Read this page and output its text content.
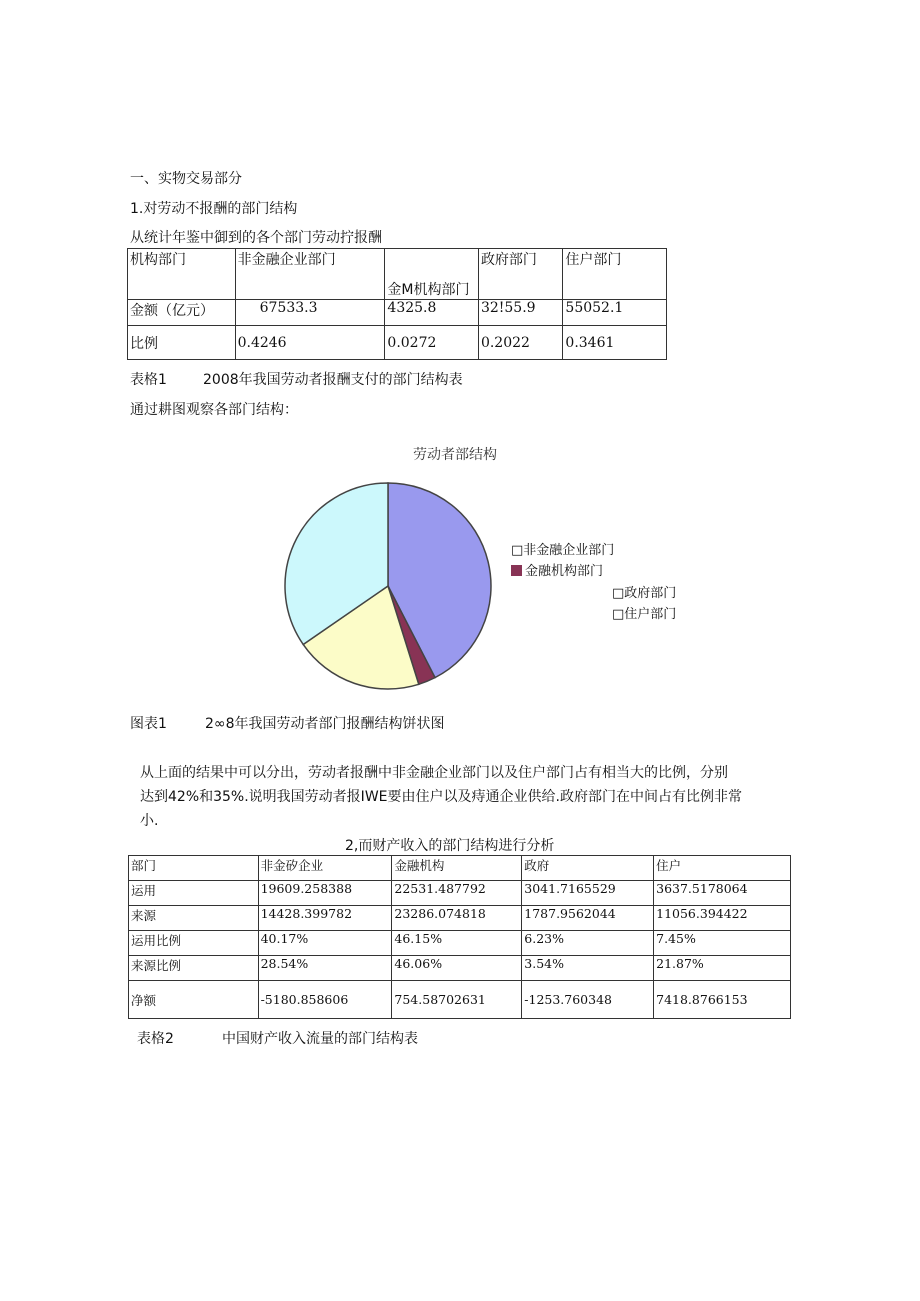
一、实物交易部分
1.对劳动不报酬的部门结构
从统计年鉴中御到的各个部门劳动拧报酬
机构部门	非金融企业部门	金M机构部门	政府部门	住户部门
金额（亿元）	67533.3	4325.8	32!55.9	55052.1
比例	0.4246	0.0272	0.2022	0.3461
表格1	2008年我国劳动者报酬支付的部门结构表
通过耕图观察各部门结构：
劳动者部结构
□非金融企业部门
金融机构部门
□政府部门
□住户部门
图表1	2∞8年我国劳动者部门报酬结构饼状图
从上面的结果中可以分出，劳动者报酬中非金融企业部门以及住户部门占有相当大的比例，分别
达到42%和35%.说明我国劳动者报IWE要由住户以及痔通企业供给.政府部门在中间占有比例非常
小.
2,而财产收入的部门结构进行分析
部门	非金矽企业	金融机构	政府	住户
运用	19609.258388	22531.487792	3041.7165529	3637.5178064
来源	14428.399782	23286.074818	1787.9562044	11056.394422
运用比例	40.17%	46.15%	6.23%	7.45%
来源比例	28.54%	46.06%	3.54%	21.87%
净额	-5180.858606	754.58702631	-1253.760348	7418.8766153
表格2	中国财产收入流量的部门结构表
